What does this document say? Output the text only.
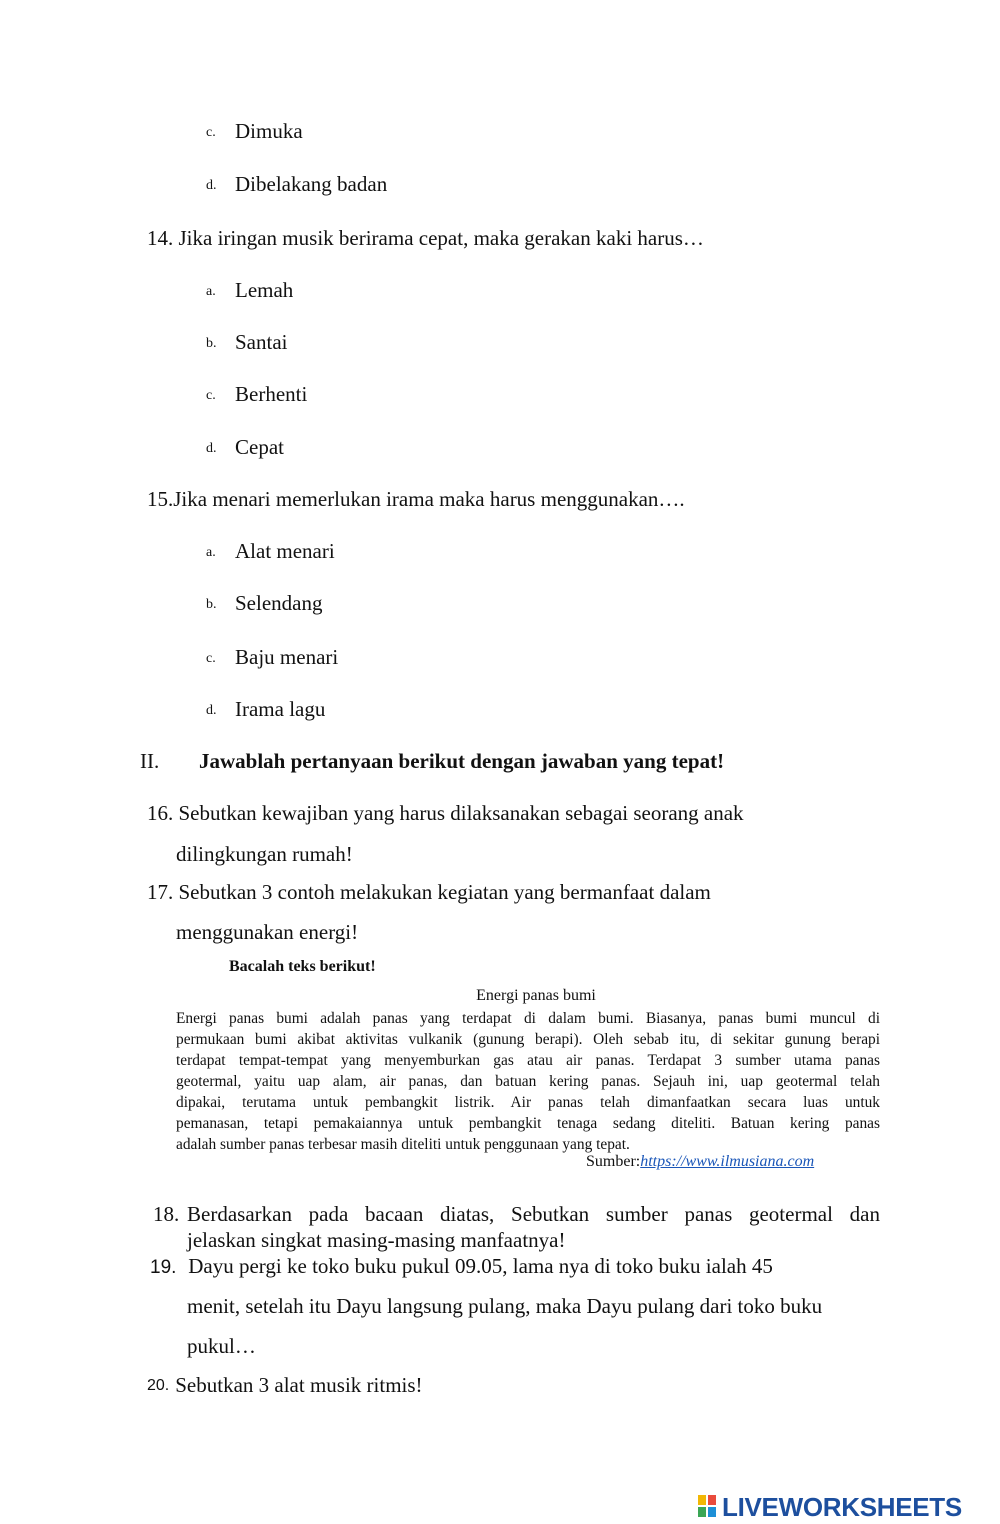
c. Dimuka
d. Dibelakang badan
14. Jika iringan musik berirama cepat, maka gerakan kaki harus…
a. Lemah
b. Santai
c. Berhenti
d. Cepat
15.Jika menari memerlukan irama maka harus menggunakan….
a. Alat menari
b. Selendang
c. Baju menari
d. Irama lagu
II. Jawablah pertanyaan berikut dengan jawaban yang tepat!
16. Sebutkan kewajiban yang harus dilaksanakan sebagai seorang anak
dilingkungan rumah!
17. Sebutkan 3 contoh melakukan kegiatan yang bermanfaat dalam
menggunakan energi!
Bacalah teks berikut!
Energi panas bumi

Energi panas bumi adalah panas yang terdapat di dalam bumi. Biasanya, panas bumi muncul di

permukaan bumi akibat aktivitas vulkanik (gunung berapi). Oleh sebab itu, di sekitar gunung berapi

terdapat tempat-tempat yang menyemburkan gas atau air panas. Terdapat 3 sumber utama panas

geotermal, yaitu uap alam, air panas, dan batuan kering panas. Sejauh ini, uap geotermal telah

dipakai, terutama untuk pembangkit listrik. Air panas telah dimanfaatkan secara luas untuk

pemanasan, tetapi pemakaiannya untuk pembangkit tenaga sedang diteliti. Batuan kering panas

adalah sumber panas terbesar masih diteliti untuk penggunaan yang tepat.

Sumber:https://www.ilmusiana.com
18. Berdasarkan pada bacaan diatas, Sebutkan sumber panas geotermal dan
jelaskan singkat masing-masing manfaatnya!
19. Dayu pergi ke toko buku pukul 09.05, lama nya di toko buku ialah 45
menit, setelah itu Dayu langsung pulang, maka Dayu pulang dari toko buku
pukul…
20. Sebutkan 3 alat musik ritmis!
LIVEWORKSHEETS
